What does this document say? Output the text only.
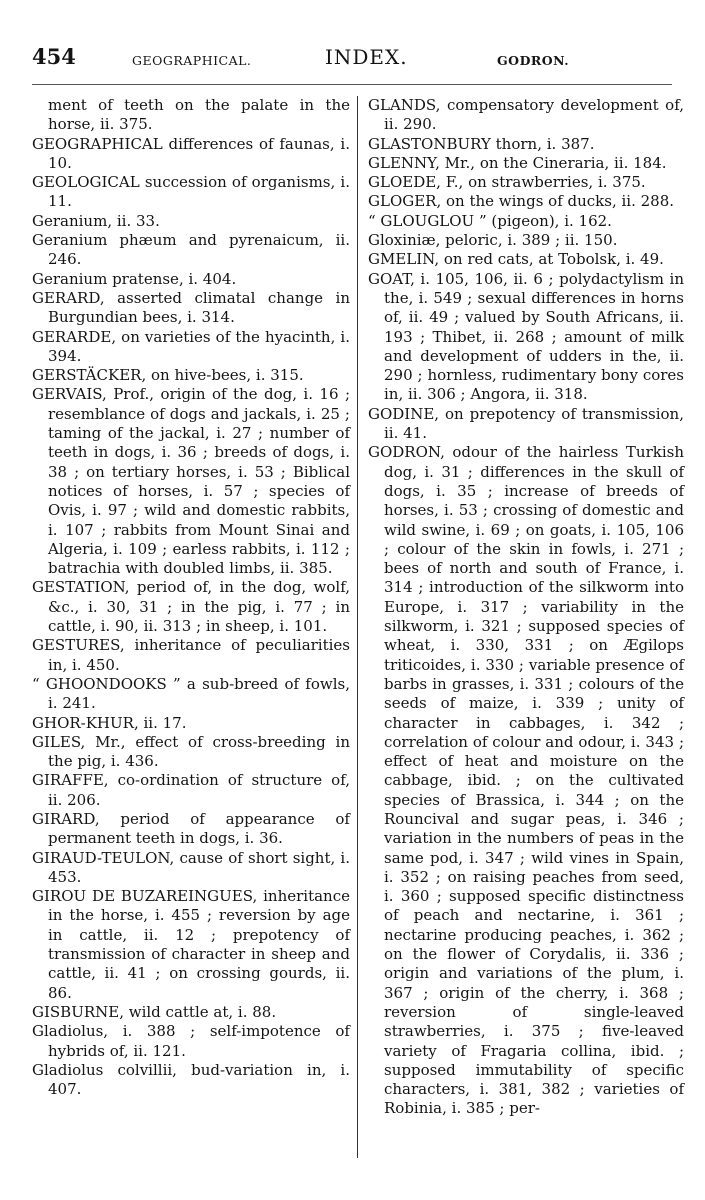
454	GEOGRAPHICAL.	INDEX.	GODRON.

ment of teeth on the palate in the horse, ii. 375.

GEOGRAPHICAL differences of faunas, i. 10.

GEOLOGICAL succession of organisms, i. 11.

Geranium, ii. 33.

Geranium phæum and pyrenaicum, ii. 246.

Geranium pratense, i. 404.

GERARD, asserted climatal change in Burgundian bees, i. 314.

GERARDE, on varieties of the hyacinth, i. 394.

GERSTÄCKER, on hive-bees, i. 315.

GERVAIS, Prof., origin of the dog, i. 16 ; resemblance of dogs and jackals, i. 25 ; taming of the jackal, i. 27 ; number of teeth in dogs, i. 36 ; breeds of dogs, i. 38 ; on tertiary horses, i. 53 ; Biblical notices of horses, i. 57 ; species of Ovis, i. 97 ; wild and domestic rabbits, i. 107 ; rabbits from Mount Sinai and Algeria, i. 109 ; earless rabbits, i. 112 ; batrachia with doubled limbs, ii. 385.

GESTATION, period of, in the dog, wolf, &c., i. 30, 31 ; in the pig, i. 77 ; in cattle, i. 90, ii. 313 ; in sheep, i. 101.

GESTURES, inheritance of peculiarities in, i. 450.

“ GHOONDOOKS ” a sub-breed of fowls, i. 241.

GHOR-KHUR, ii. 17.

GILES, Mr., effect of cross-breeding in the pig, i. 436.

GIRAFFE, co-ordination of structure of, ii. 206.

GIRARD, period of appearance of permanent teeth in dogs, i. 36.

GIRAUD-TEULON, cause of short sight, i. 453.

GIROU DE BUZAREINGUES, inheritance in the horse, i. 455 ; reversion by age in cattle, ii. 12 ; prepotency of transmission of character in sheep and cattle, ii. 41 ; on crossing gourds, ii. 86.

GISBURNE, wild cattle at, i. 88.

Gladiolus, i. 388 ; self-impotence of hybrids of, ii. 121.

Gladiolus colvillii, bud-variation in, i. 407.

GLANDS, compensatory development of, ii. 290.

GLASTONBURY thorn, i. 387.

GLENNY, Mr., on the Cineraria, ii. 184.

GLOEDE, F., on strawberries, i. 375.

GLOGER, on the wings of ducks, ii. 288.

“ GLOUGLOU ” (pigeon), i. 162.

Gloxiniæ, peloric, i. 389 ; ii. 150.

GMELIN, on red cats, at Tobolsk, i. 49.

GOAT, i. 105, 106, ii. 6 ; polydactylism in the, i. 549 ; sexual differences in horns of, ii. 49 ; valued by South Africans, ii. 193 ; Thibet, ii. 268 ; amount of milk and development of udders in the, ii. 290 ; hornless, rudimentary bony cores in, ii. 306 ; Angora, ii. 318.

GODINE, on prepotency of transmission, ii. 41.

GODRON, odour of the hairless Turkish dog, i. 31 ; differences in the skull of dogs, i. 35 ; increase of breeds of horses, i. 53 ; crossing of domestic and wild swine, i. 69 ; on goats, i. 105, 106 ; colour of the skin in fowls, i. 271 ; bees of north and south of France, i. 314 ; introduction of the silkworm into Europe, i. 317 ; variability in the silkworm, i. 321 ; supposed species of wheat, i. 330, 331 ; on Ægilops triticoides, i. 330 ; variable presence of barbs in grasses, i. 331 ; colours of the seeds of maize, i. 339 ; unity of character in cabbages, i. 342 ; correlation of colour and odour, i. 343 ; effect of heat and moisture on the cabbage, ibid. ; on the cultivated species of Brassica, i. 344 ; on the Rouncival and sugar peas, i. 346 ; variation in the numbers of peas in the same pod, i. 347 ; wild vines in Spain, i. 352 ; on raising peaches from seed, i. 360 ; supposed specific distinctness of peach and nectarine, i. 361 ; nectarine producing peaches, i. 362 ; on the flower of Corydalis, ii. 336 ; origin and variations of the plum, i. 367 ; origin of the cherry, i. 368 ; reversion of single-leaved strawberries, i. 375 ; five-leaved variety of Fragaria collina, ibid. ; supposed immutability of specific characters, i. 381, 382 ; varieties of Robinia, i. 385 ; per-
